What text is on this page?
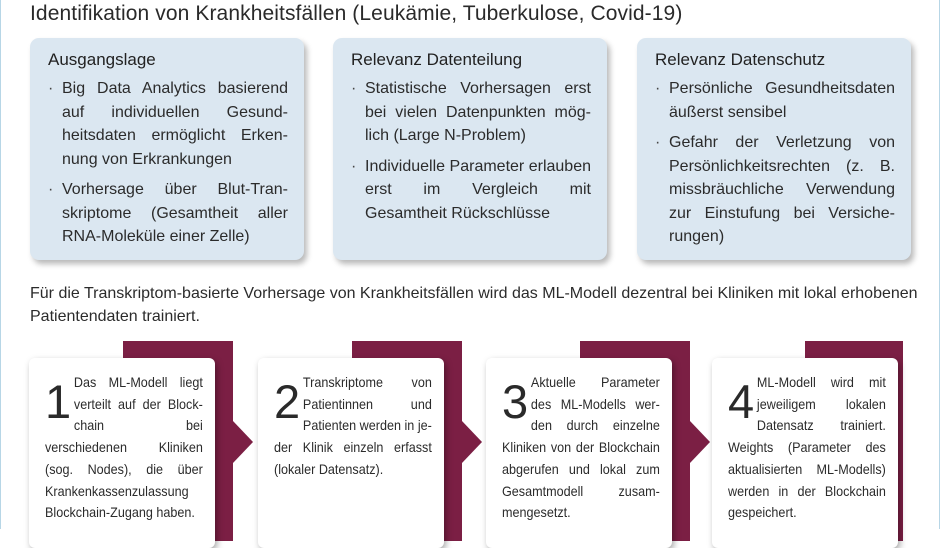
Identifikation von Krankheitsfällen (Leukämie, Tuberkulose, Covid-19)
Ausgangslage
· Big Data Analytics basierend auf individuellen Gesundheitsdaten ermöglicht Erkennung von Erkrankungen
· Vorhersage über Blut-Transkriptome (Gesamtheit aller RNA-Moleküle einer Zelle)
Relevanz Datenteilung
· Statistische Vorhersagen erst bei vielen Datenpunkten möglich (Large N-Problem)
· Individuelle Parameter erlauben erst im Vergleich mit Gesamtheit Rückschlüsse
Relevanz Datenschutz
· Persönliche Gesundheitsdaten äußerst sensibel
· Gefahr der Verletzung von Persönlichkeitsrechten (z. B. missbräuchliche Verwendung zur Einstufung bei Versicherungen)
Für die Transkriptom-basierte Vorhersage von Krankheitsfällen wird das ML-Modell dezentral bei Kliniken mit lokal erhobenen Patientendaten trainiert.
1 Das ML-Modell liegt verteilt auf der Blockchain bei verschiedenen Kliniken (sog. Nodes), die über Krankenkassenzulassung Blockchain-Zugang haben.
2 Transkriptome von Patientinnen und Patienten werden in jeder Klinik einzeln erfasst (lokaler Datensatz).
3 Aktuelle Parameter des ML-Modells werden durch einzelne Kliniken von der Blockchain abgerufen und lokal zum Gesamtmodell zusammengesetzt.
4 ML-Modell wird mit jeweiligem lokalen Datensatz trainiert. Weights (Parameter des aktualisierten ML-Modells) werden in der Blockchain gespeichert.
